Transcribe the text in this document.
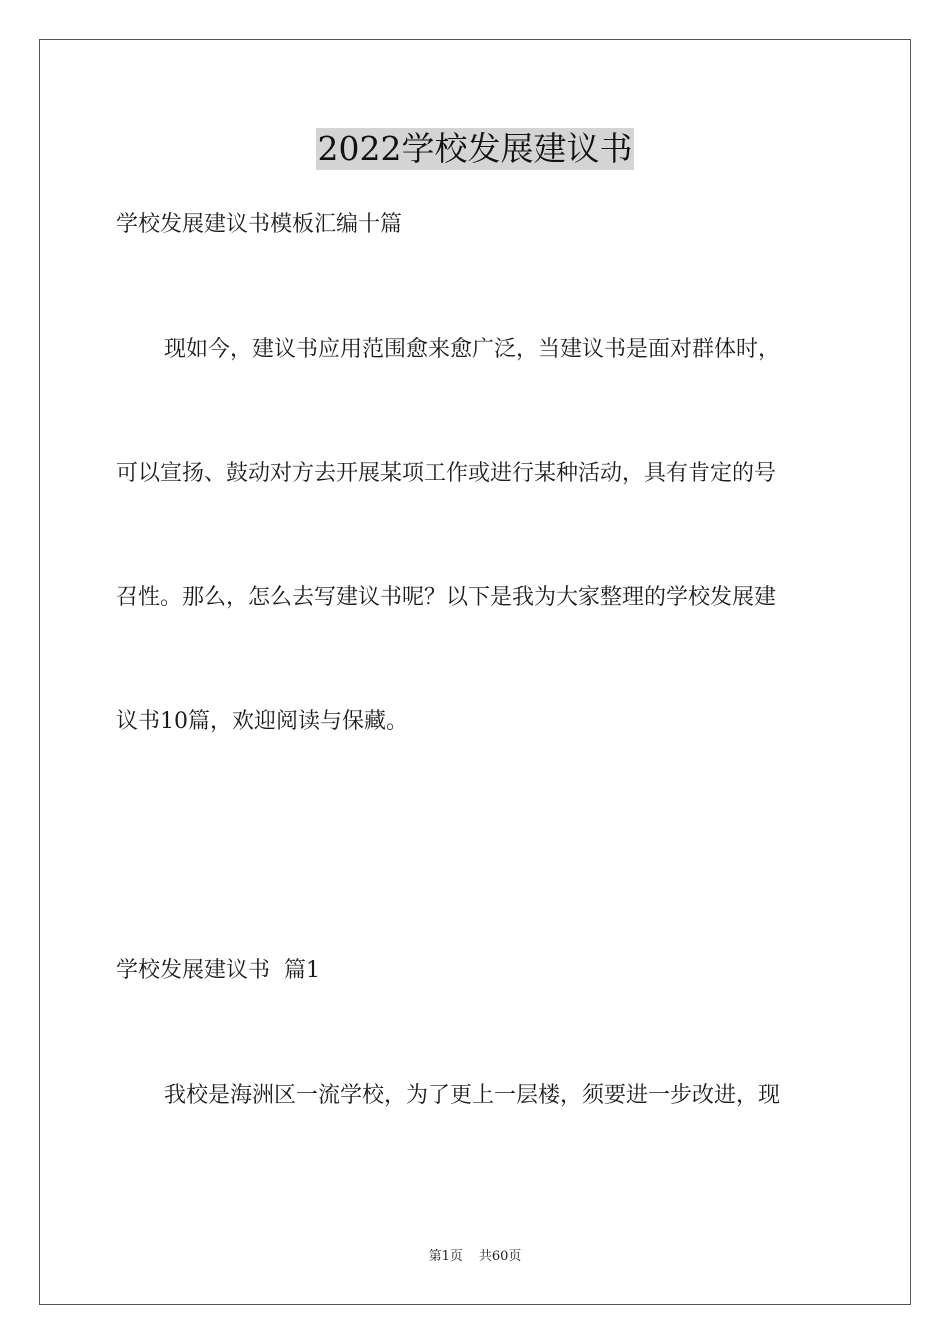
2022学校发展建议书
学校发展建议书模板汇编十篇
现如今，建议书应用范围愈来愈广泛，当建议书是面对群体时，
可以宣扬、鼓动对方去开展某项工作或进行某种活动，具有肯定的号
召性。那么，怎么去写建议书呢？以下是我为大家整理的学校发展建
议书10篇，欢迎阅读与保藏。
学校发展建议书  篇1
我校是海洲区一流学校，为了更上一层楼，须要进一步改进，现
第1页 共60页
